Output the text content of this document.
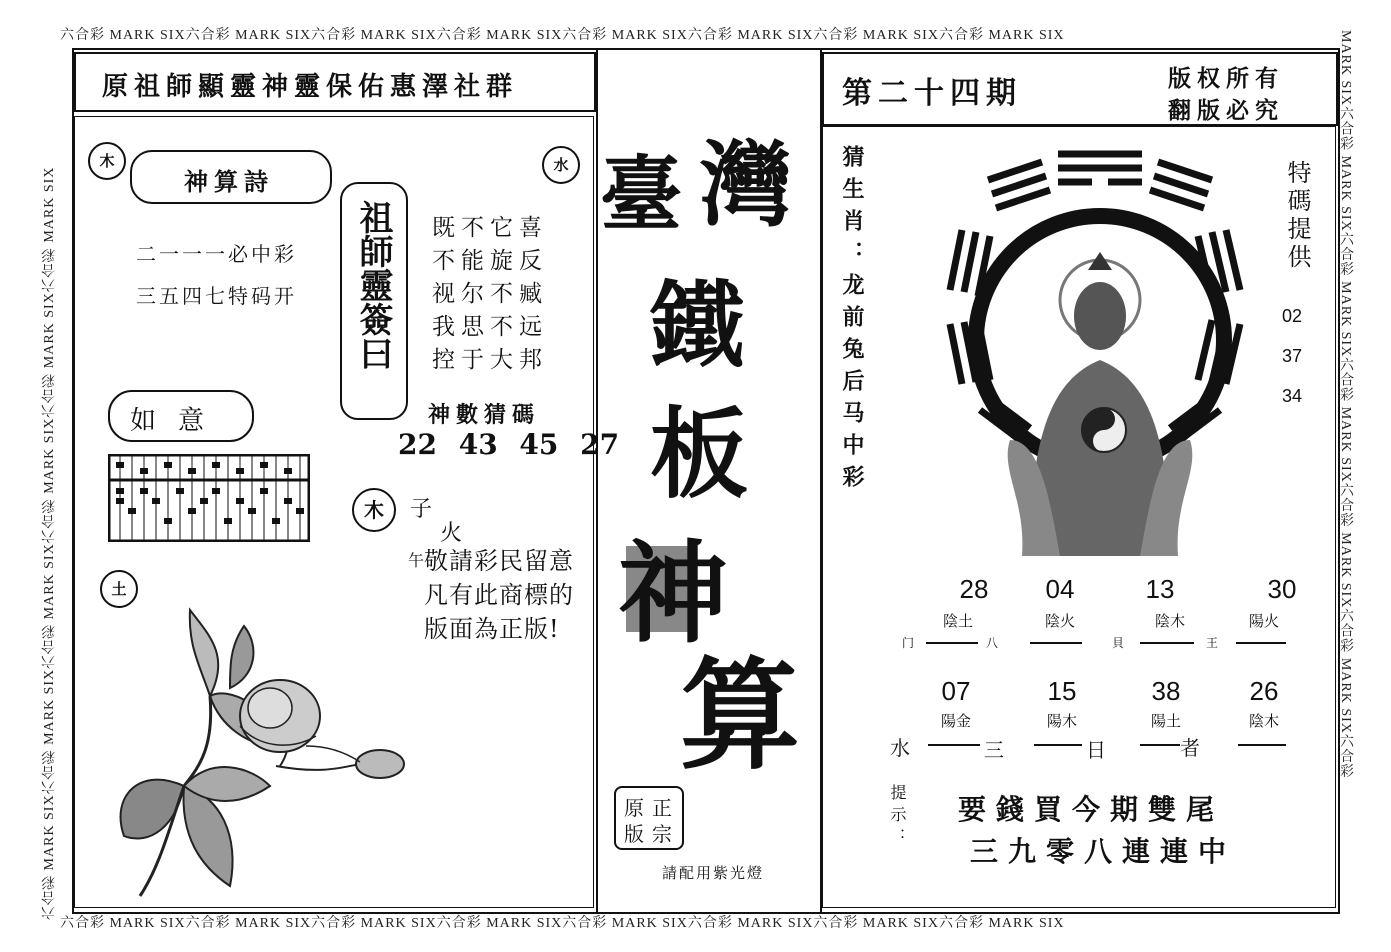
六合彩 MARK SIX六合彩 MARK SIX六合彩 MARK SIX六合彩 MARK SIX六合彩 MARK SIX六合彩 MARK SIX六合彩 MARK SIX六合彩 MARK SIX
六合彩 MARK SIX六合彩 MARK SIX六合彩 MARK SIX六合彩 MARK SIX六合彩 MARK SIX六合彩 MARK SIX六合彩 MARK SIX六合彩 MARK SIX
六合彩 MARK SIX六合彩 MARK SIX六合彩 MARK SIX六合彩 MARK SIX六合彩 MARK SIX六合彩 MARK SIX	MARK SIX六合彩 MARK SIX六合彩 MARK SIX六合彩 MARK SIX六合彩 MARK SIX六合彩 MARK SIX六合彩
原祖師顯靈神靈保佑惠澤社群
木	水
神算詩
二一一一必中彩
三五四七特码开 祖師靈簽曰 既不它喜
不能旋反
视尔不臧
我思不远
控于大邦
神數猜碼
22 43 45 27
如意
木	子
火
午 敬請彩民留意
凡有此商標的
版面為正版!
土
臺 灣
鐵
板
神
算
原 正
版 宗
請配用紫光燈
第二十四期	版权所有
翻版必究
猜生肖：龙前兔后马中彩	特碼提供
02
37
34
28	04	13	30
陰土	陰火	陰木	陽火
门	八	貝	王
07	15	38	26
陽金	陽木	陽土	陰木
水	三	日	者
提示： 要錢買今期雙尾
三九零八連連中
